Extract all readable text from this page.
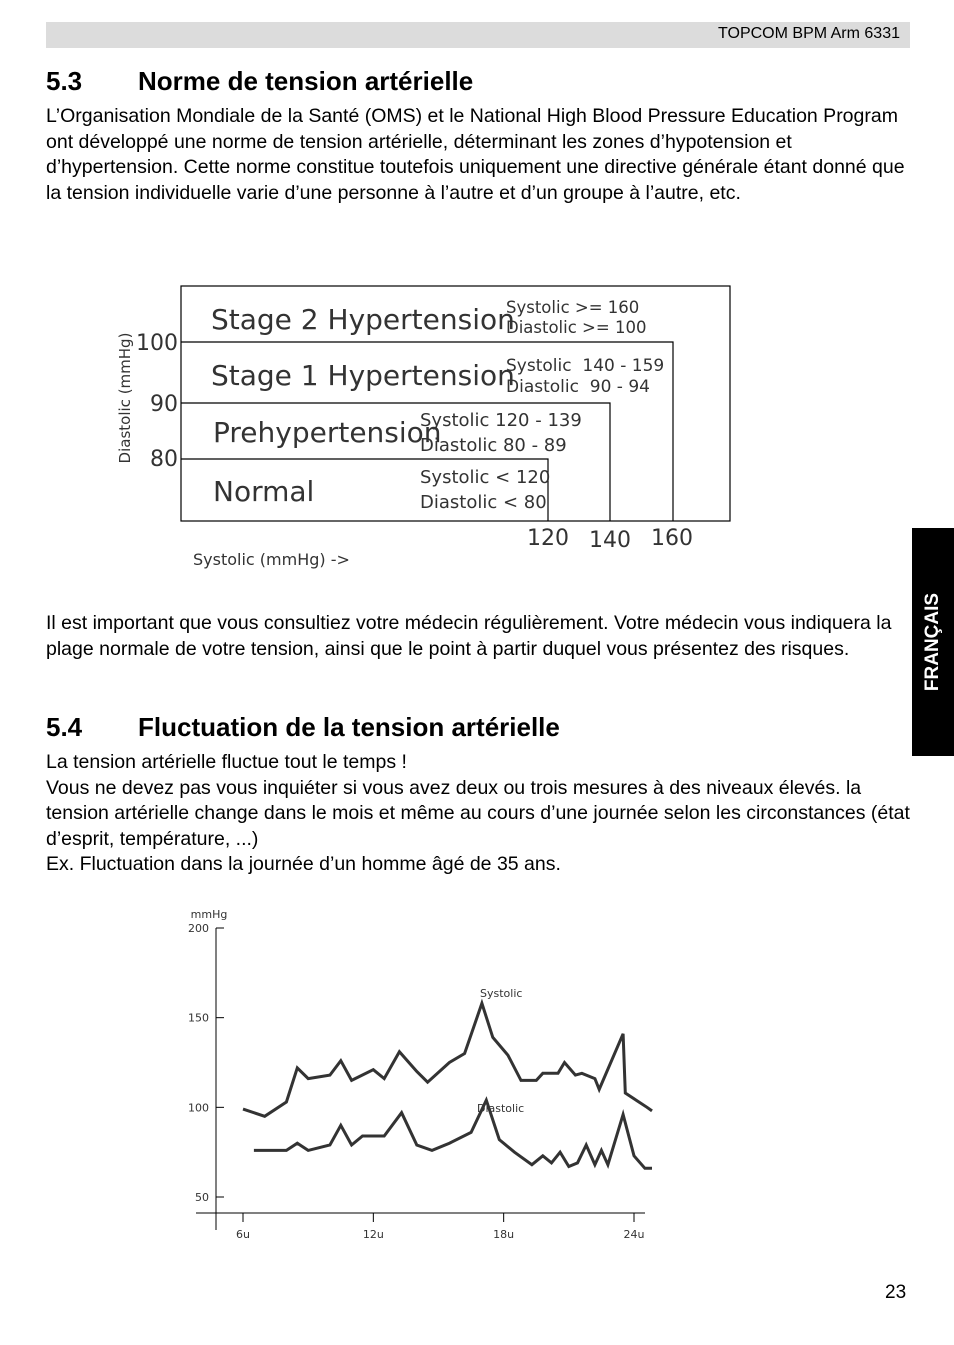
TOPCOM BPM Arm 6331
5.3 Norme de tension artérielle
L’Organisation Mondiale de la Santé (OMS) et le National High Blood Pressure Education Program ont développé une norme de tension artérielle, déterminant les zones d’hypotension et d’hypertension. Cette norme constitue toutefois uniquement une directive générale étant donné que la tension individuelle varie d’une personne à l’autre et d’un groupe à l’autre, etc.
Stage 2 Hypertension
Systolic >= 160
Diastolic >= 100
Stage 1 Hypertension
Systolic  140 - 159
Diastolic  90 - 94
Prehypertension
Systolic 120 - 139
Diastolic 80 - 89
Normal	Systolic < 120
Diastolic < 80
100
90
80
120 140 160
Diastolic (mmHg)
Systolic (mmHg) ->
Il est important que vous consultiez votre médecin régulièrement. Votre médecin vous indiquera la plage normale de votre tension, ainsi que le point à partir duquel vous présentez des risques.
5.4 Fluctuation de la tension artérielle

La tension artérielle fluctue tout le temps !

Vous ne devez pas vous inquiéter si vous avez deux ou trois mesures à des niveaux élevés. la tension artérielle change dans le mois et même au cours d’une journée selon les circonstances (état d’esprit, température, ...)

Ex. Fluctuation dans la journée d’un homme âgé de 35 ans.

mmHg
200
150
100
50
6u	12u	18u	24u
Systolic
Diastolic
FRANÇAIS
23
